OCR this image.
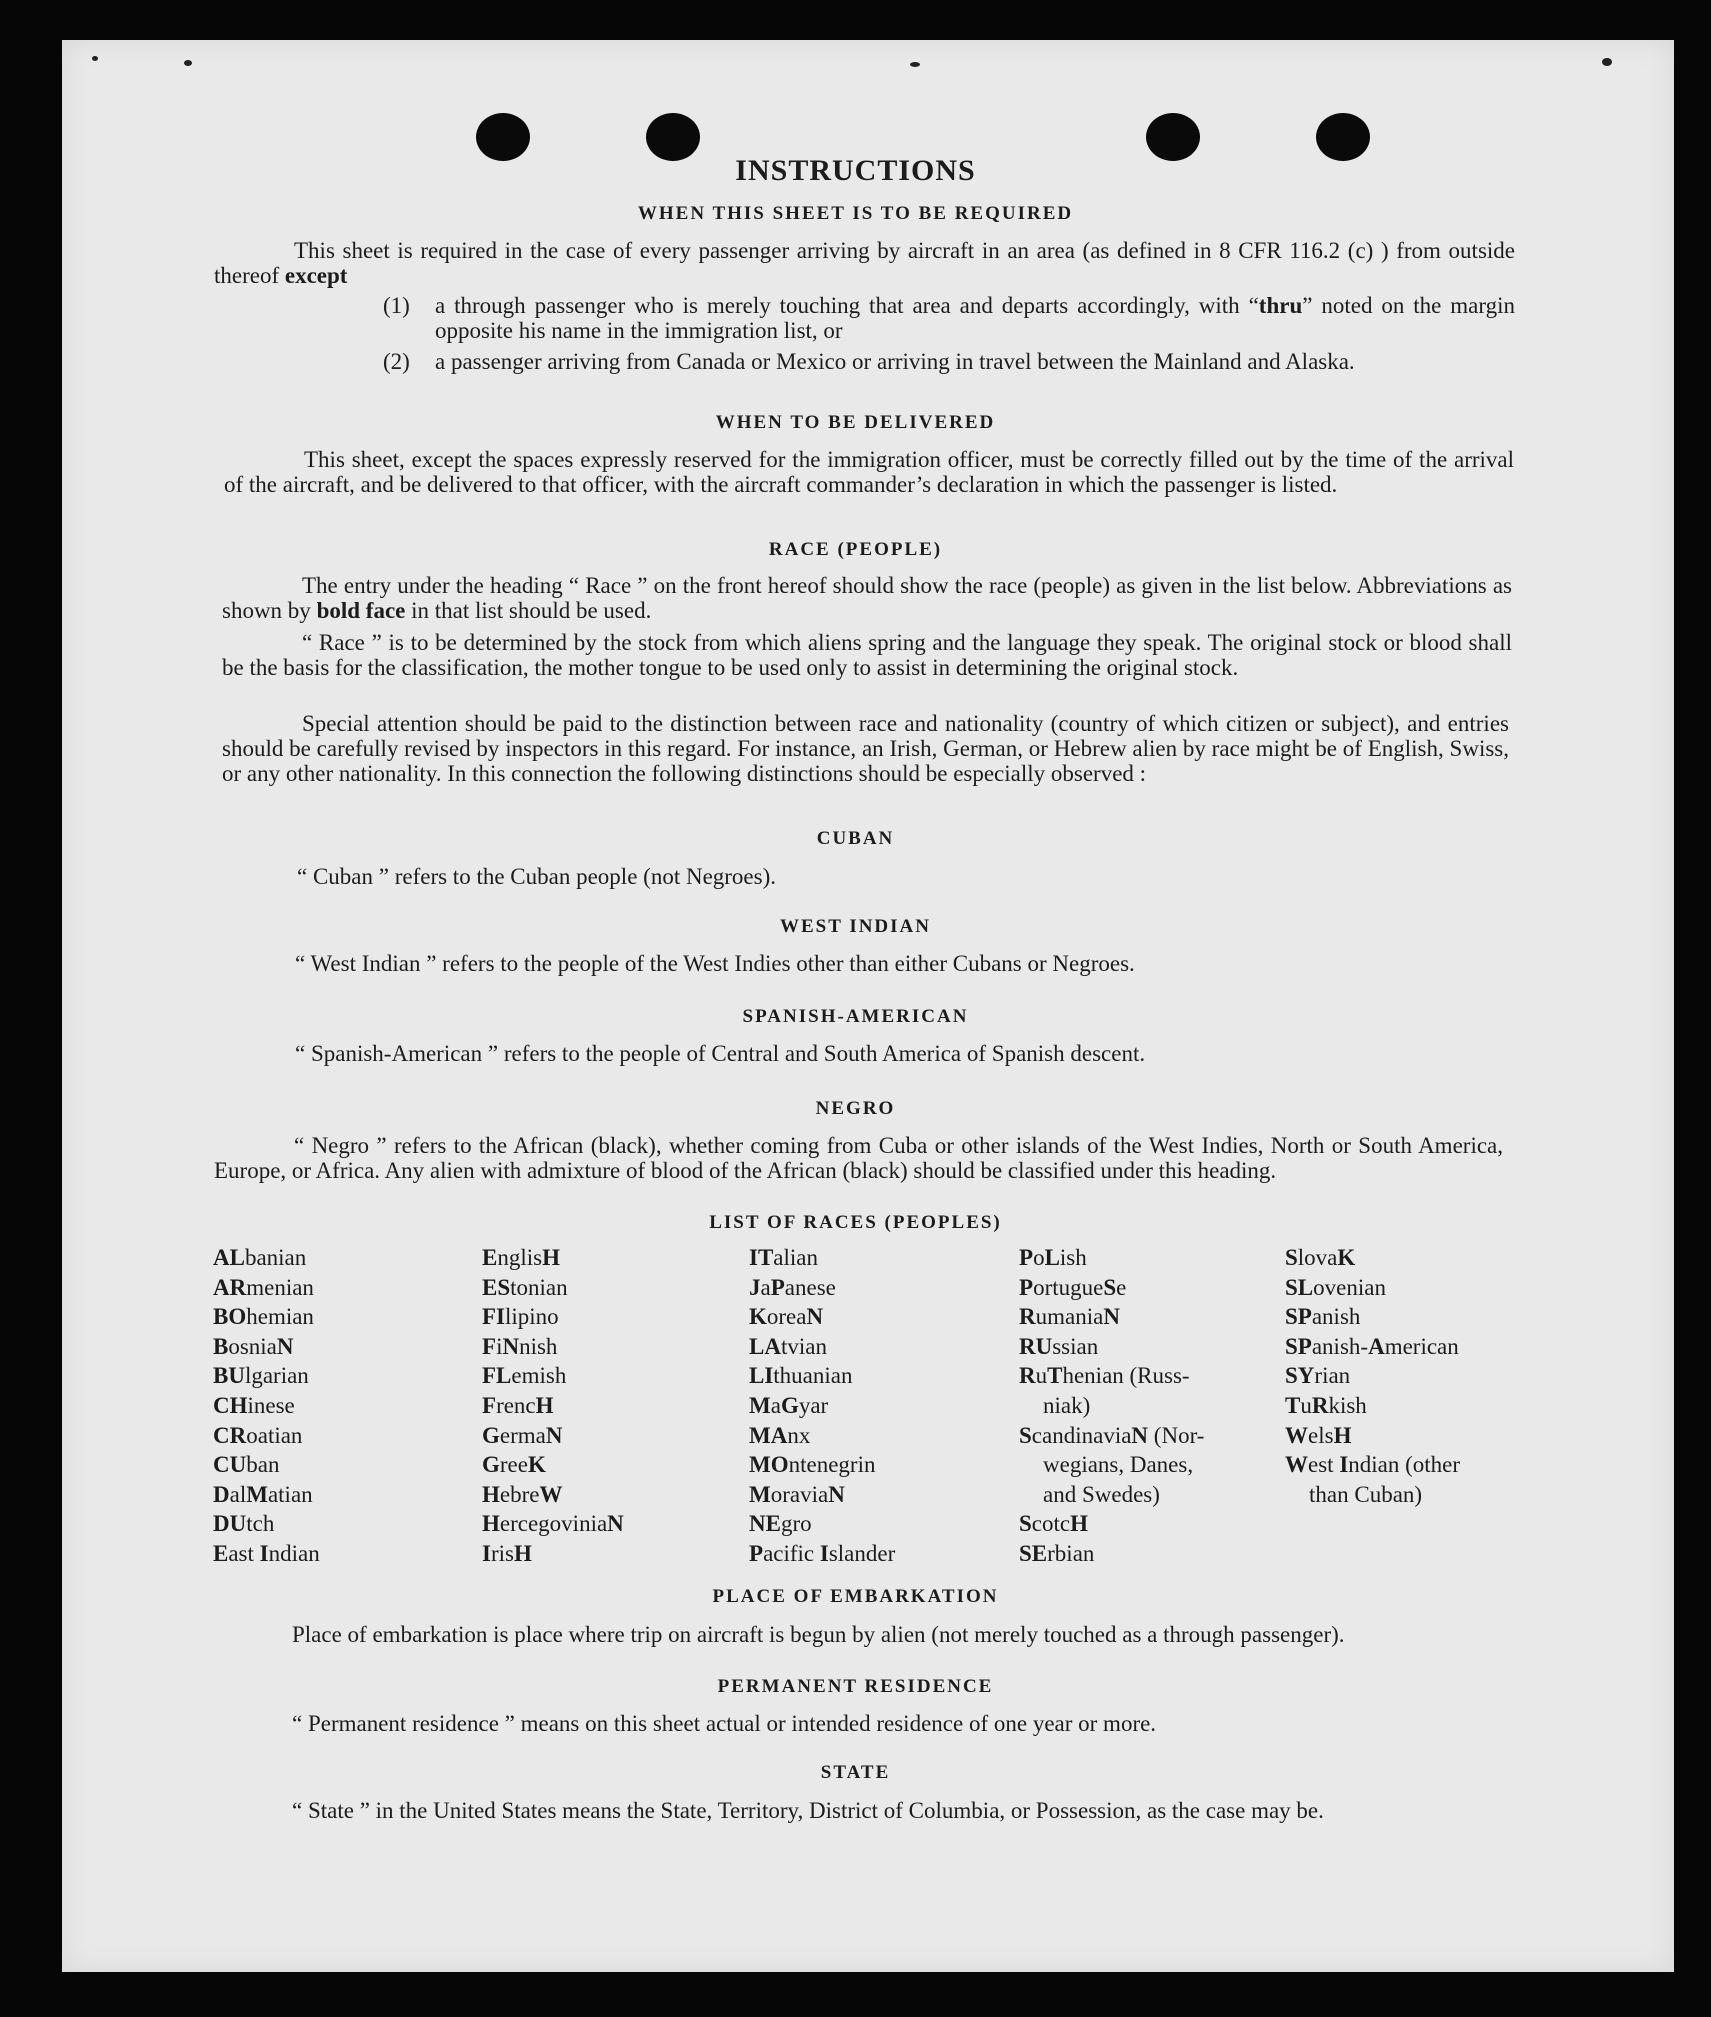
INSTRUCTIONS
WHEN THIS SHEET IS TO BE REQUIRED
This sheet is required in the case of every passenger arriving by aircraft in an area (as defined in 8 CFR 116.2 (c) ) from outside thereof except
(1) a through passenger who is merely touching that area and departs accordingly, with “thru” noted on the margin opposite his name in the immigration list, or
(2) a passenger arriving from Canada or Mexico or arriving in travel between the Mainland and Alaska.
WHEN TO BE DELIVERED
This sheet, except the spaces expressly reserved for the immigration officer, must be correctly filled out by the time of the arrival of the aircraft, and be delivered to that officer, with the aircraft commander’s declaration in which the passenger is listed.
RACE (PEOPLE)
The entry under the heading “ Race ” on the front hereof should show the race (people) as given in the list below. Abbreviations as shown by bold face in that list should be used.
“ Race ” is to be determined by the stock from which aliens spring and the language they speak. The original stock or blood shall be the basis for the classification, the mother tongue to be used only to assist in determining the original stock.
Special attention should be paid to the distinction between race and nationality (country of which citizen or subject), and entries should be carefully revised by inspectors in this regard. For instance, an Irish, German, or Hebrew alien by race might be of English, Swiss, or any other nationality. In this connection the following distinctions should be especially observed :
CUBAN
“ Cuban ” refers to the Cuban people (not Negroes).
WEST INDIAN
“ West Indian ” refers to the people of the West Indies other than either Cubans or Negroes.
SPANISH-AMERICAN
“ Spanish-American ” refers to the people of Central and South America of Spanish descent.
NEGRO
“ Negro ” refers to the African (black), whether coming from Cuba or other islands of the West Indies, North or South America, Europe, or Africa. Any alien with admixture of blood of the African (black) should be classified under this heading.
LIST OF RACES (PEOPLES)
ALbanian
ARmenian
BOhemian
BosniaN
BUlgarian
CHinese
CRoatian
CUban
DalMatian
DUtch
East Indian
EnglisH
EStonian
FIlipino
FiNnish
FLemish
FrencH
GermaN
GreeK
HebreW
HercegoviniaN
IrisH
ITalian
JaPanese
KoreaN
LAtvian
LIthuanian
MaGyar
MAnx
MOntenegrin
MoraviaN
NEgro
Pacific Islander
PoLish
PortugueSe
RumaniaN
RUssian
RuThenian (Russ-
niak)
ScandinaviaN (Nor-
wegians, Danes,
and Swedes)
ScotcH
SErbian
SlovaK
SLovenian
SPanish
SPanish-American
SYrian
TuRkish
WelsH
West Indian (other
than Cuban)
PLACE OF EMBARKATION
Place of embarkation is place where trip on aircraft is begun by alien (not merely touched as a through passenger).
PERMANENT RESIDENCE
“ Permanent residence ” means on this sheet actual or intended residence of one year or more.
STATE
“ State ” in the United States means the State, Territory, District of Columbia, or Possession, as the case may be.
